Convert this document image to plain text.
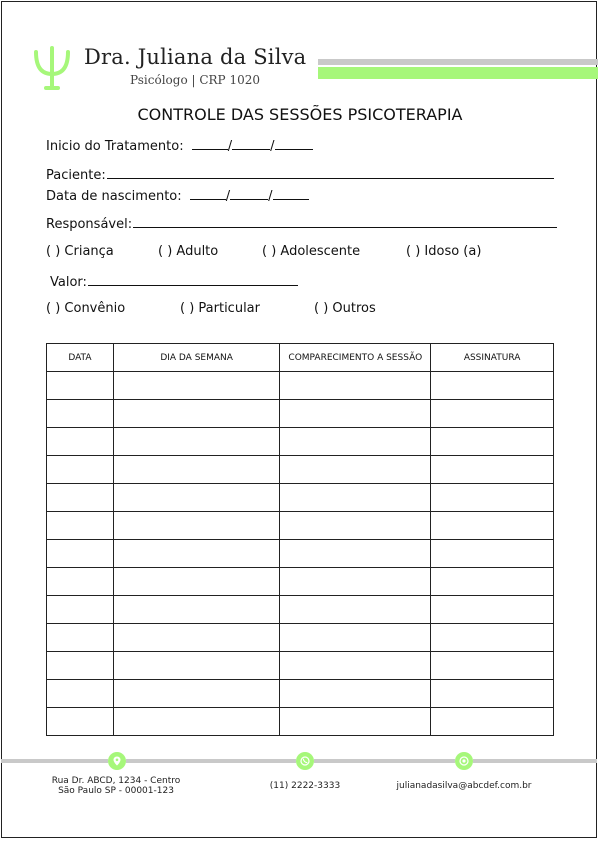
Dra. Juliana da Silva
Psicólogo | CRP 1020
CONTROLE DAS SESSÕES PSICOTERAPIA
Inicio do Tratamento:	/	/
Paciente:
Data de nascimento:	/	/
Responsável:
( ) Criança	( ) Adulto	( ) Adolescente	( ) Idoso (a)
Valor:
( ) Convênio	( ) Particular	( ) Outros
DATA	DIA DA SEMANA	COMPARECIMENTO A SESSÃO	ASSINATURA

Rua Dr. ABCD, 1234 - Centro
São Paulo SP - 00001-123	(11) 2222-3333	julianadasilva@abcdef.com.br
